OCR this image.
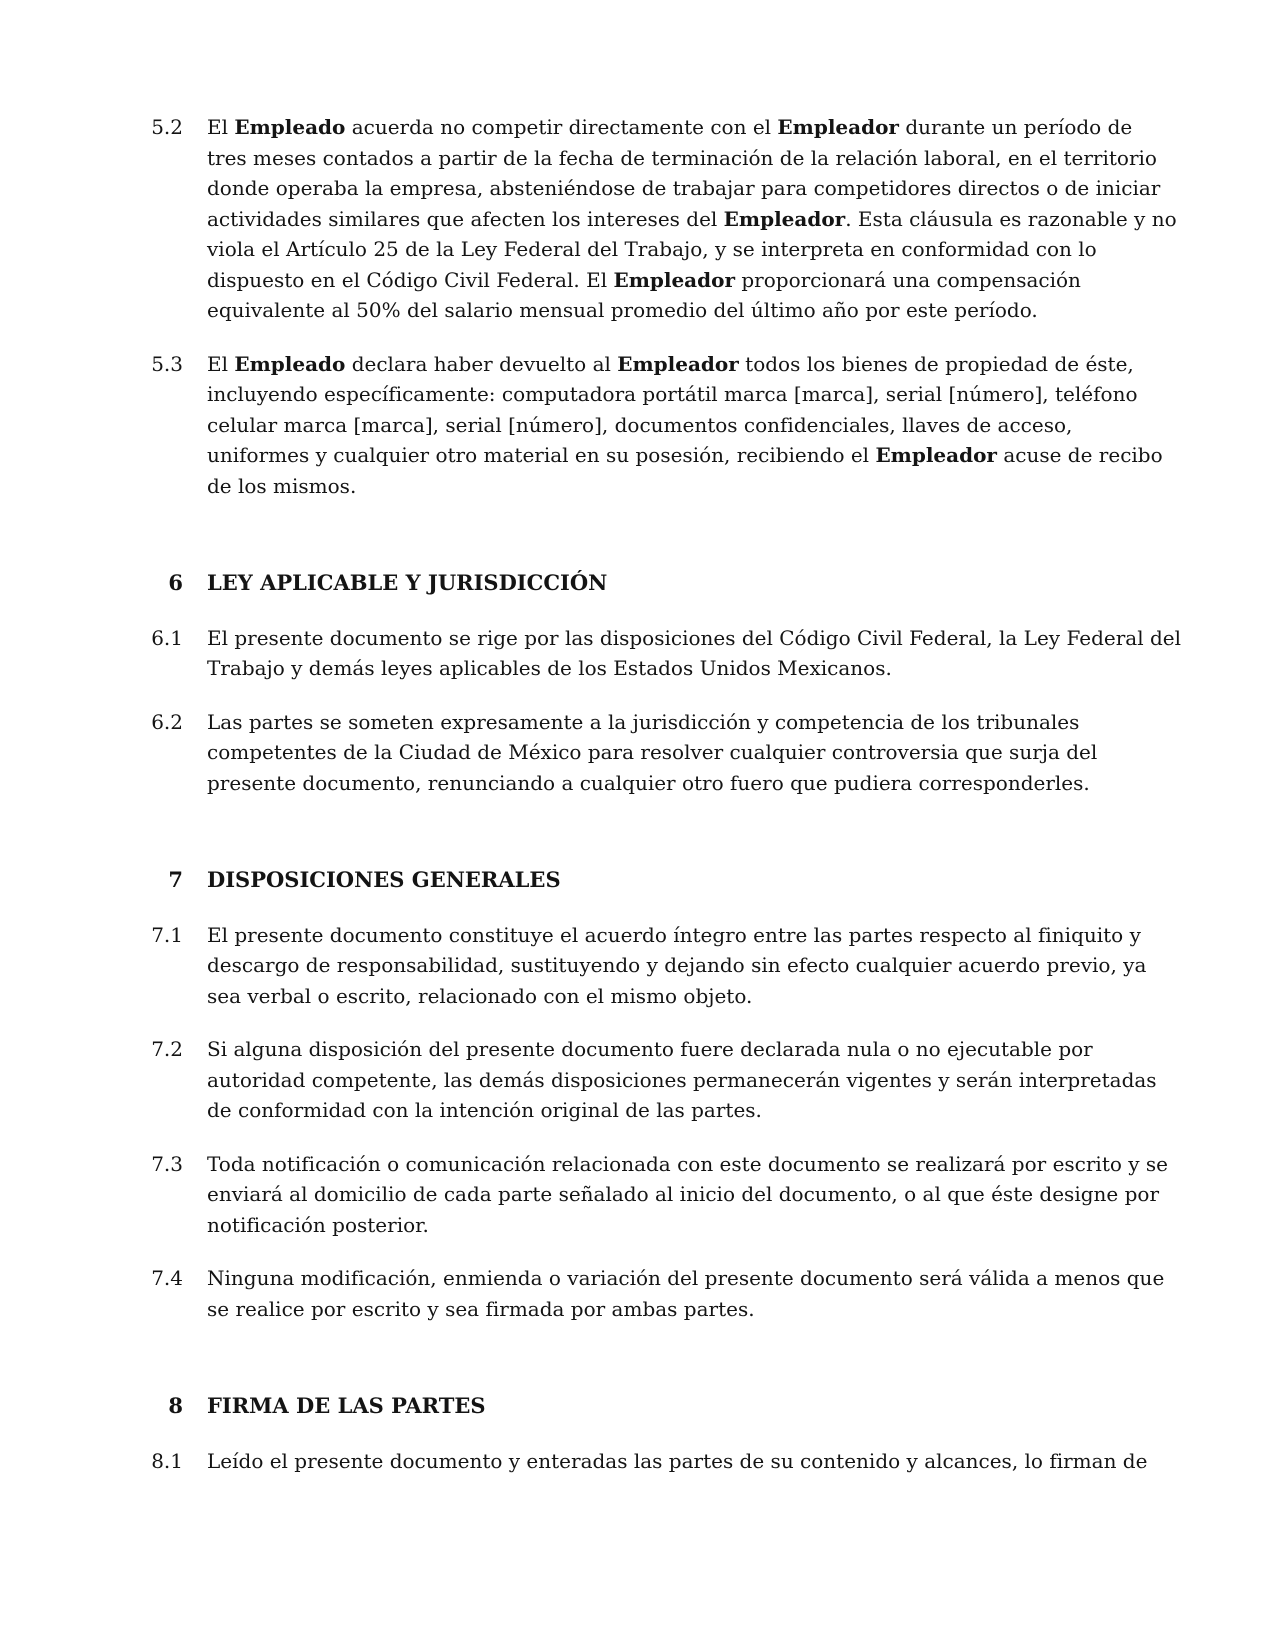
5.2 El Empleado acuerda no competir directamente con el Empleador durante un período de
tres meses contados a partir de la fecha de terminación de la relación laboral, en el territorio
donde operaba la empresa, absteniéndose de trabajar para competidores directos o de iniciar
actividades similares que afecten los intereses del Empleador. Esta cláusula es razonable y no
viola el Artículo 25 de la Ley Federal del Trabajo, y se interpreta en conformidad con lo
dispuesto en el Código Civil Federal. El Empleador proporcionará una compensación
equivalente al 50% del salario mensual promedio del último año por este período.
5.3 El Empleado declara haber devuelto al Empleador todos los bienes de propiedad de éste,
incluyendo específicamente: computadora portátil marca [marca], serial [número], teléfono
celular marca [marca], serial [número], documentos confidenciales, llaves de acceso,
uniformes y cualquier otro material en su posesión, recibiendo el Empleador acuse de recibo
de los mismos.
6 LEY APLICABLE Y JURISDICCIÓN
6.1 El presente documento se rige por las disposiciones del Código Civil Federal, la Ley Federal del
Trabajo y demás leyes aplicables de los Estados Unidos Mexicanos.
6.2 Las partes se someten expresamente a la jurisdicción y competencia de los tribunales
competentes de la Ciudad de México para resolver cualquier controversia que surja del
presente documento, renunciando a cualquier otro fuero que pudiera corresponderles.
7 DISPOSICIONES GENERALES
7.1 El presente documento constituye el acuerdo íntegro entre las partes respecto al finiquito y
descargo de responsabilidad, sustituyendo y dejando sin efecto cualquier acuerdo previo, ya
sea verbal o escrito, relacionado con el mismo objeto.
7.2 Si alguna disposición del presente documento fuere declarada nula o no ejecutable por
autoridad competente, las demás disposiciones permanecerán vigentes y serán interpretadas
de conformidad con la intención original de las partes.
7.3 Toda notificación o comunicación relacionada con este documento se realizará por escrito y se
enviará al domicilio de cada parte señalado al inicio del documento, o al que éste designe por
notificación posterior.
7.4 Ninguna modificación, enmienda o variación del presente documento será válida a menos que
se realice por escrito y sea firmada por ambas partes.
8 FIRMA DE LAS PARTES
8.1 Leído el presente documento y enteradas las partes de su contenido y alcances, lo firman de
